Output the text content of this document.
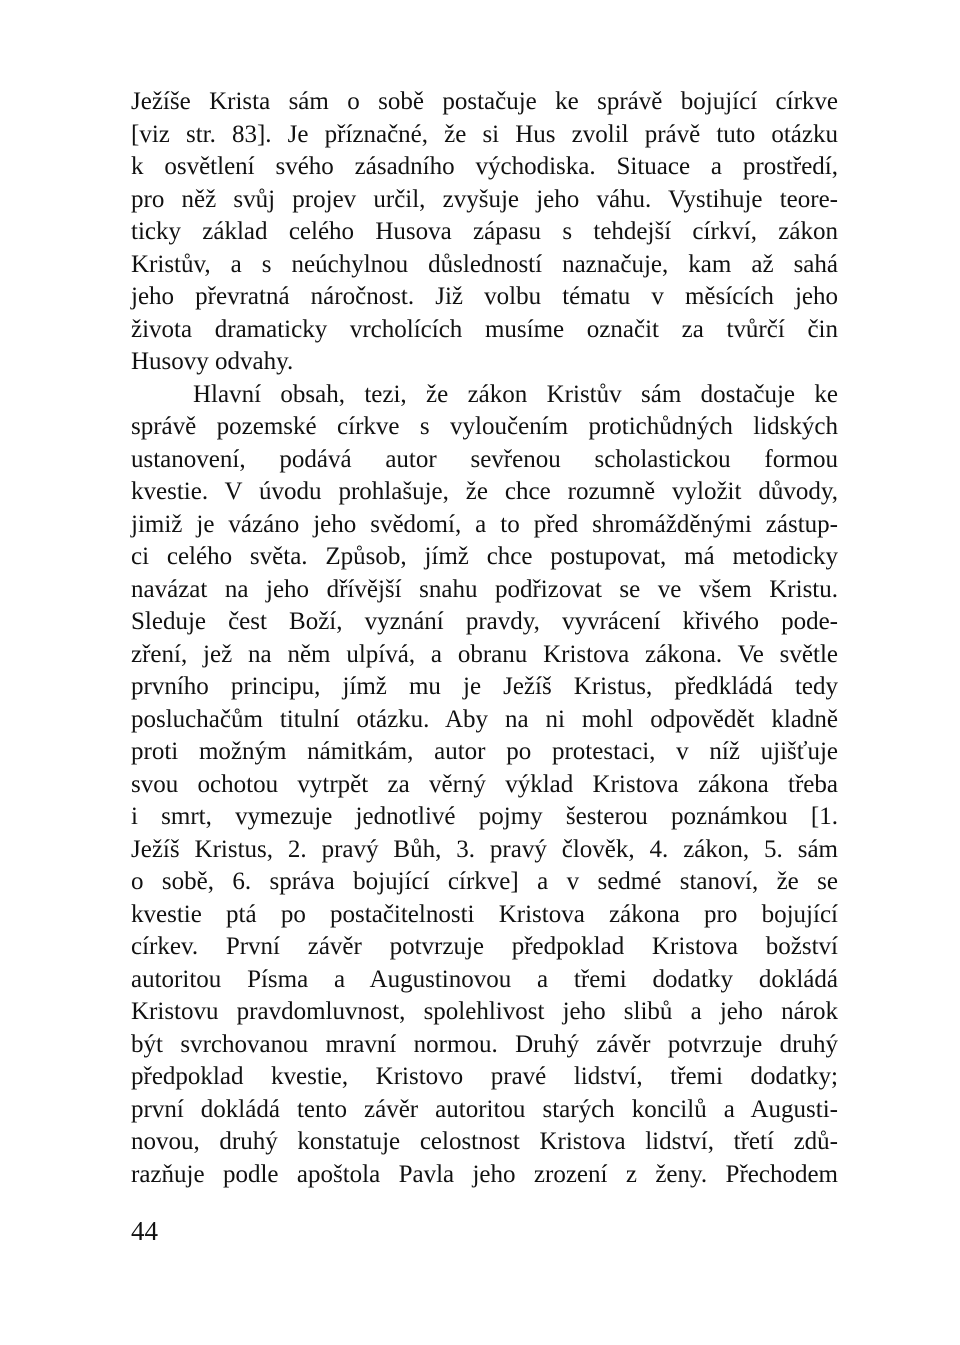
Ježíše Krista sám o sobě postačuje ke správě bojující církve
[viz str. 83]. Je příznačné, že si Hus zvolil právě tuto otázku
k osvětlení svého zásadního východiska. Situace a prostředí,
pro něž svůj projev určil, zvyšuje jeho váhu. Vystihuje teore-
ticky základ celého Husova zápasu s tehdejší církví, zákon
Kristův, a s neúchylnou důsledností naznačuje, kam až sahá
jeho převratná náročnost. Již volbu tématu v měsících jeho
života dramaticky vrcholících musíme označit za tvůrčí čin
Husovy odvahy.
Hlavní obsah, tezi, že zákon Kristův sám dostačuje ke
správě pozemské církve s vyloučením protichůdných lidských
ustanovení, podává autor sevřenou scholastickou formou
kvestie. V úvodu prohlašuje, že chce rozumně vyložit důvody,
jimiž je vázáno jeho svědomí, a to před shromážděnými zástup-
ci celého světa. Způsob, jímž chce postupovat, má metodicky
navázat na jeho dřívější snahu podřizovat se ve všem Kristu.
Sleduje čest Boží, vyznání pravdy, vyvrácení křivého pode-
zření, jež na něm ulpívá, a obranu Kristova zákona. Ve světle
prvního principu, jímž mu je Ježíš Kristus, předkládá tedy
posluchačům titulní otázku. Aby na ni mohl odpovědět kladně
proti možným námitkám, autor po protestaci, v níž ujišťuje
svou ochotou vytrpět za věrný výklad Kristova zákona třeba
i smrt, vymezuje jednotlivé pojmy šesterou poznámkou [1.
Ježíš Kristus, 2. pravý Bůh, 3. pravý člověk, 4. zákon, 5. sám
o sobě, 6. správa bojující církve] a v sedmé stanoví, že se
kvestie ptá po postačitelnosti Kristova zákona pro bojující
církev. První závěr potvrzuje předpoklad Kristova božství
autoritou Písma a Augustinovou a třemi dodatky dokládá
Kristovu pravdomluvnost, spolehlivost jeho slibů a jeho nárok
být svrchovanou mravní normou. Druhý závěr potvrzuje druhý
předpoklad kvestie, Kristovo pravé lidství, třemi dodatky;
první dokládá tento závěr autoritou starých koncilů a Augusti-
novou, druhý konstatuje celostnost Kristova lidství, třetí zdů-
razňuje podle apoštola Pavla jeho zrození z ženy. Přechodem
44
